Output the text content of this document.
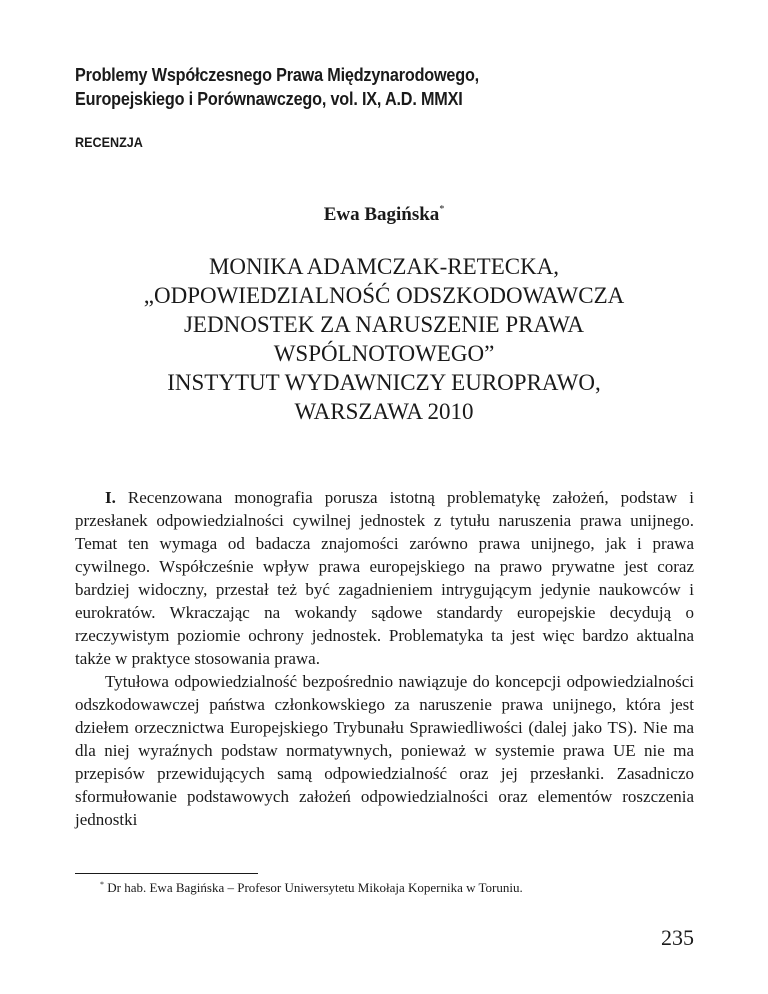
Problemy Współczesnego Prawa Międzynarodowego,
Europejskiego i Porównawczego, vol. IX, A.D. MMXI
RECENZJA
Ewa Bagińska*
MONIKA ADAMCZAK-RETECKA,
„ODPOWIEDZIALNOŚĆ ODSZKODOWAWCZA
JEDNOSTEK ZA NARUSZENIE PRAWA
WSPÓLNOTOWEGO”
INSTYTUT WYDAWNICZY EUROPRAWO,
WARSZAWA 2010

I. Recenzowana monografia porusza istotną problematykę założeń, podstaw i przesłanek odpowiedzialności cywilnej jednostek z tytułu naruszenia prawa unijnego. Temat ten wymaga od badacza znajomości zarówno prawa unijnego, jak i prawa cywilnego. Współcześnie wpływ prawa europejskiego na prawo prywatne jest coraz bardziej widoczny, przestał też być zagadnieniem intrygującym jedynie naukowców i eurokratów. Wkraczając na wokandy sądowe standardy europejskie decydują o rzeczywistym poziomie ochrony jednostek. Problematyka ta jest więc bardzo aktualna także w praktyce stosowania prawa.

Tytułowa odpowiedzialność bezpośrednio nawiązuje do koncepcji odpowiedzialności odszkodowawczej państwa członkowskiego za naruszenie prawa unijnego, która jest dziełem orzecznictwa Europejskiego Trybunału Sprawiedliwości (dalej jako TS). Nie ma dla niej wyraźnych podstaw normatywnych, ponieważ w systemie prawa UE nie ma przepisów przewidujących samą odpowiedzialność oraz jej przesłanki. Zasadniczo sformułowanie podstawowych założeń odpowiedzialności oraz elementów roszczenia jednostki

* Dr hab. Ewa Bagińska – Profesor Uniwersytetu Mikołaja Kopernika w Toruniu.
235
